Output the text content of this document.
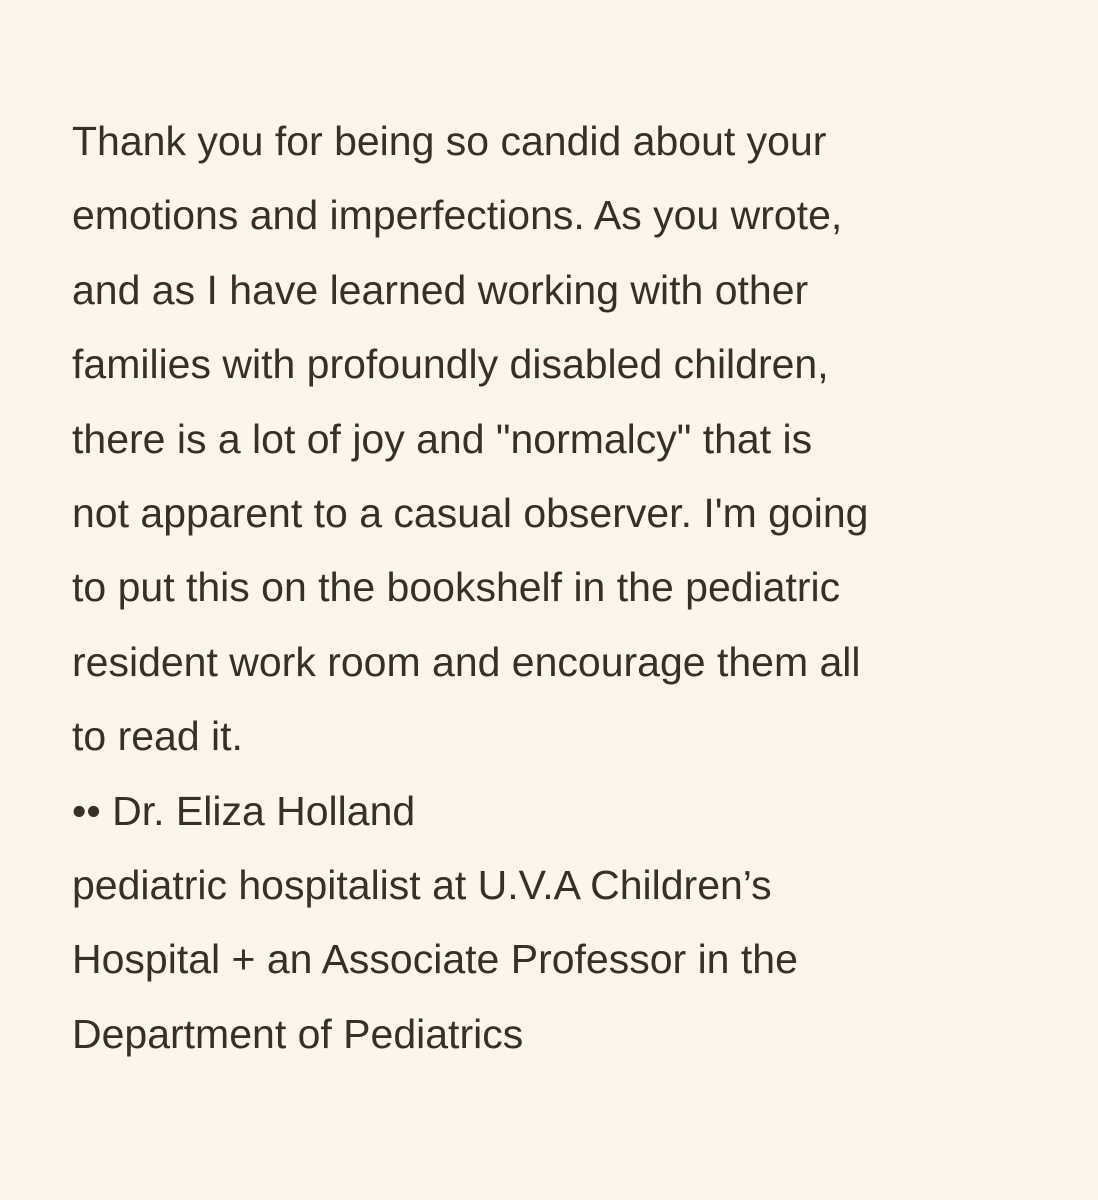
Thank you for being so candid about your
emotions and imperfections. As you wrote,
and as I have learned working with other
families with profoundly disabled children,
there is a lot of joy and "normalcy" that is
not apparent to a casual observer. I'm going
to put this on the bookshelf in the pediatric
resident work room and encourage them all
to read it.
•• Dr. Eliza Holland
pediatric hospitalist at U.V.A Children’s
Hospital + an Associate Professor in the
Department of Pediatrics
